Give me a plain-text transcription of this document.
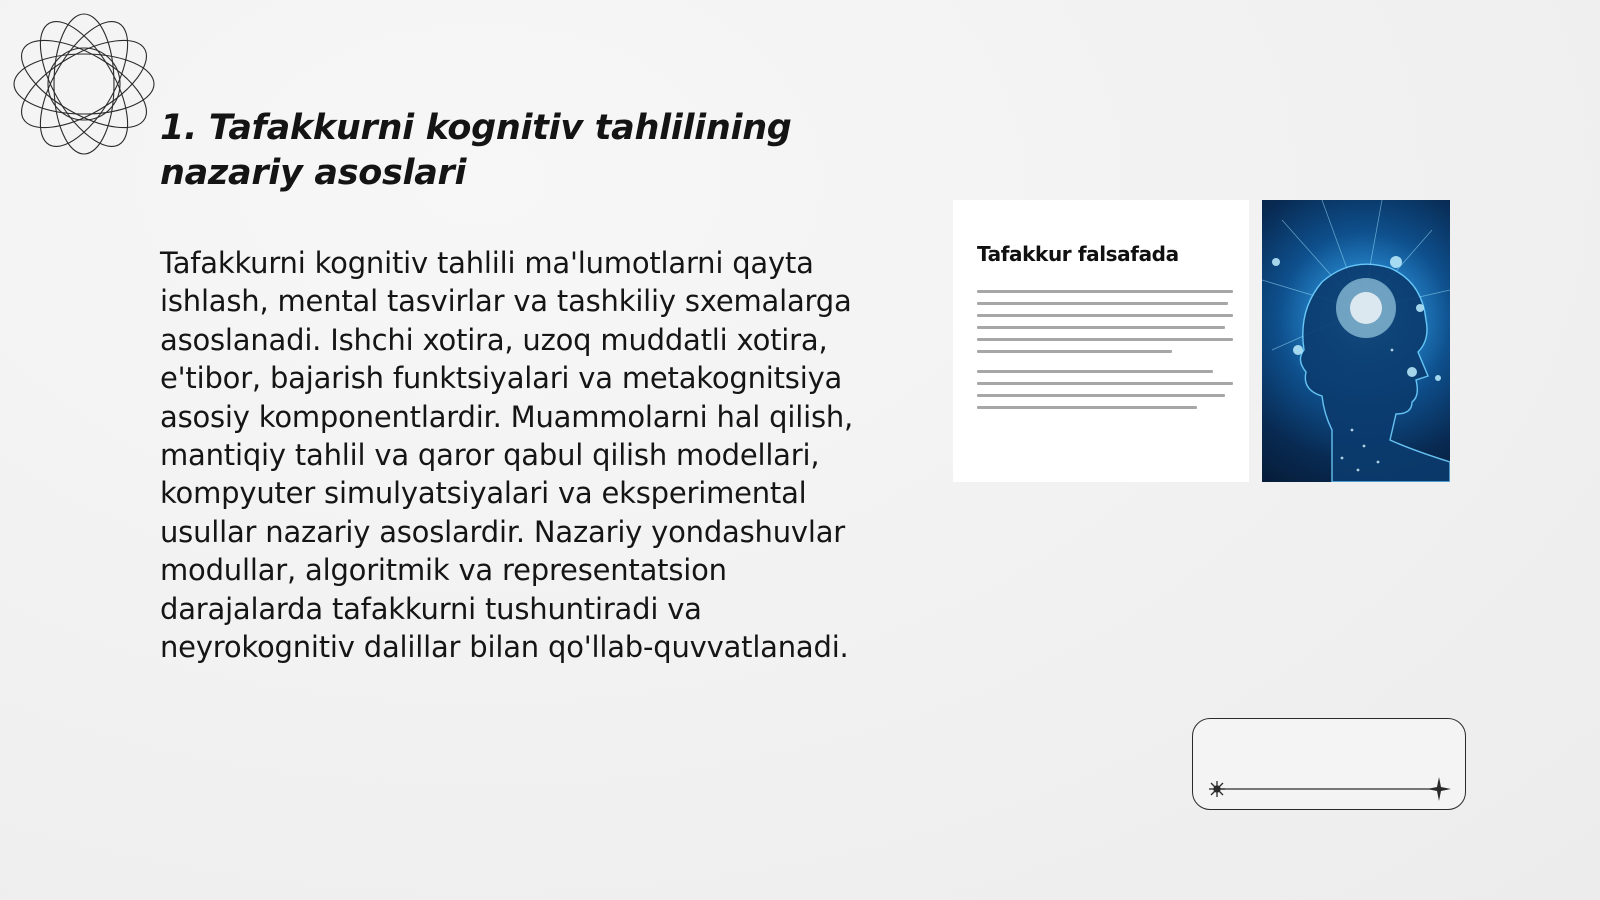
1. Tafakkurni kognitiv tahlilining nazariy asoslari

Tafakkurni kognitiv tahlili ma'lumotlarni qayta ishlash, mental tasvirlar va tashkiliy sxemalarga asoslanadi. Ishchi xotira, uzoq muddatli xotira, e'tibor, bajarish funktsiyalari va metakognitsiya asosiy komponentlardir. Muammolarni hal qilish, mantiqiy tahlil va qaror qabul qilish modellari, kompyuter simulyatsiyalari va eksperimental usullar nazariy asoslardir. Nazariy yondashuvlar modullar, algoritmik va representatsion darajalarda tafakkurni tushuntiradi va neyrokognitiv dalillar bilan qo'llab-quvvatlanadi.

Tafakkur falsafada
